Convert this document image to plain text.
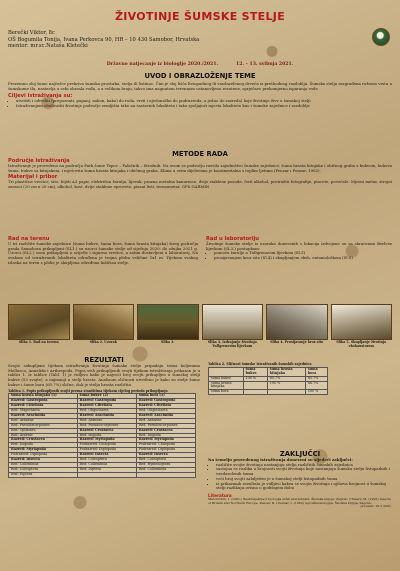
ŽIVOTINJE ŠUMSKE STELJE
Berečki Viktor, 8c
OŠ Bogumila Tonija, Ivana Perkovca 90, HR – 10 430 Samobor, Hrvatska
mentor: mr.sc.Nataša Kletečki
Državno natjecanje iz biologije 2020./2021.	12. – 13. svibnja 2021.
UVOD I OBRAZLOŽENJE TEME

Prezemno sloj šume najčešće prekriva šumska prostirka, stelja ili listinac. Čini je sloj lišća listopadnog ili vazdazelenog drveća iz prethodnog razdoblja. Šumska stelja razgrađena rožnom vrsta u šumskome tlu, nastavlja u sebi obrasla vođa, a u velikom broju, takvo ima nagnutom terennom ustanovljeno rezutene, sprječavo prekomjerno isparanja vode

Ciljevi istraživanja su:
• utvrditi i odrediti (prepoznati, pupanj, nakon, kako) do roda, vrsti i ujedonačko do podrazreda, a jedno do razreda) koje životinje žive u šumskoj stelji
• Istraživanjem obuhvatiti životinje područje zemljišta tako na sastavnih lokaliteta i tako spoljajući mjesta lokalitete kao i šumske zajednice i razdoblje
METODE RADA
Područje istraživanja

Istraživanje je provedeno na području Park šume Tepec – Palačnik – Strožnik. Na ovom se području razvilo zajedništvo šumske zajednice: šuma hrasta kitnjaka i običnog graba s bukvom, bukova šuma, bukve sa kitnjakom, i mješovita šuma hrasta kitnjaka i običnog graba. Klima u ovim dijelovima je kontinentalna s toplim ljetima (Penzar i Penzar, 1982).

Materijal i pribor

Tri plastične vrećice, sito, bijeli A3 papir, električna žarulja, lijevak, prazna metalna kanurnice, dvije staklene posude, čisti alkohol, pretražiti fotografije, pincete, povećalo. Mjerni metar, strojni zarasci (20 cm x 20 cm), alkohol, kost, dvije staklene epruvete, pisani listi, termometar, GPS GARMIN

Rad na terenu

U tri različite šumske zajednice (šuma bukve, šuma bora, šuma hrasta kitnjaka) šireg područja grada Samobora prikupljeni (SL1.) su uzorci šumske stelje od siječnja 2020. do ožujka 2021 g. Uzorci (SL2.) sonu prikupljeni u svijetle i sigurno vrećice, a zatim dostavljeni u laboratorij. Na svakom od istraživanih lokaliteta odrađena je trajna plohu veličine 1x1 m. Tijekom svakog izlaska na teren s plohe je skupljena određena količina stelje.

Rad u laboratoriju

Životinje šumske stelje iz uzoraka donesenih s lokacija izdvojene su sa skraćenim Berlese lijevkom (SL3.) postupkom:

• pomoću žarulje a Tullgrenovim lijevkom (Sl.3)
• prosijavanjem kroz sito (Sl.4) i skupljanjem eksh. entomološkom (Sl.5)
Slika 1. Rad na terenu	Slika 2. Uzorak	Slika 3.	Slika 4. Izdvajanje životinja Tullgrenovim lijevkom
Slika 4. Prosijavanje kroz sito	Slika 5. Skupljanje životinja ekshaustorom
REZULTATI

Svojte sakupljene tijekom istraživanja životinja šumske stelje pripadaju trima koljenima Mollusca, Annelida i Arthropoda. Popis svih prikupljenih svojti tijekom istraživanja prikazan je u tablici 1. Iz tablice (Tabl. 1) je vidljivo kako je najveći broj svojti prikupljen u šumskoj stelji bukve (53 svojte), a najmanji u stelji hrasta. Analizom sličnosti utvrđeno je kako su stelje šume bukve i šume bora (65.7%) slične, dok je stelja hrasta različita.

Tablica 1. Popis prikupljenih svojti prema staništima tijekom cijelog perioda prikupljanja
šuma hrasta kitnjaka (1)	šuma bukve (2)	šuma bora (3)
Razred: Gastropoda	Razred: Gastropoda	Razred: Gastropoda
Razred: Clitellata	Razred: Clitellata	Razred: Clitellata
Red: Oligochaeta	Red: Oligochaeta	Red: Oligochaeta
Razred: Arachnida	Razred: Arachnida	Razred: Arachnida
Red: Araneae	Red: Araneae	Red: Araneae
Red: Pseudoscorpiones	Red: Pseudoscorpiones	Red: Pseudoscorpiones
Red: Opiliones	Razred: Crustacea	Razred: Crustacea
Red: Acarine	Red: Isopoda	Red: Isopoda
Razred: Crustacea	Razred: Myriapoda	Razred: Myriapoda
Red: Isopoda	Podrazred: Chilopoda	Podrazred: Chilopoda
Razred: Myriapoda	Podrazred: Diplopoda	Podrazred: Diplopoda
Podrazred: Diplopoda	Razred: Insecta	Razred: Insecta
Razred: Insecta	Red: Coleoptera	Red: Coleoptera
Red: Collembola	Red: Collembola	Red: Hymenoptera
Red: Coleoptera	Red: Diptera	Red: Collembola
Red: Diptera		
Tablica 2. Sličnost šumske istraživanih šumskih zajednica
	šuma bukve	šuma hrasta kitnjaka	šuma bora
šuma bukve	100 %	65.7%	65.7%
šuma hrasta kitnjaka		100 %	66.7%
šuma bora			100 %
ZAKLJUČCI

Na temelju provedenog istraživanja doneseni su sljedeći zaključci:

• različite svojte životinja nastanjuju stelju različitih šumskih zajednica
• sastojna se razlika u brojnosti svojti životinja koje nastanjuju šumsku stelju listopadnih i vazdazelenih šuma
• veći broj svojti zabilježen je u šumskoj stelji listopadnih šuma
• iz prikazanih rezultata je vidljivo kakva se svojta životinja i njihova brojnost u šumskoj stelji razlikuju ovisno o godišnjem dobu
Literatura

Matoničkin, I. (1981.) Beskralježnjaci biologija nižih avertebrata. Školska knjiga, Zagreb. Chinery, M. (1993) Insects of Britain and Northern Europe. Penzar, B. i Penzar, I. (1982) Agroklimatologija. Školska knjiga, Zagreb.

preuzeto 10.5.2021.
